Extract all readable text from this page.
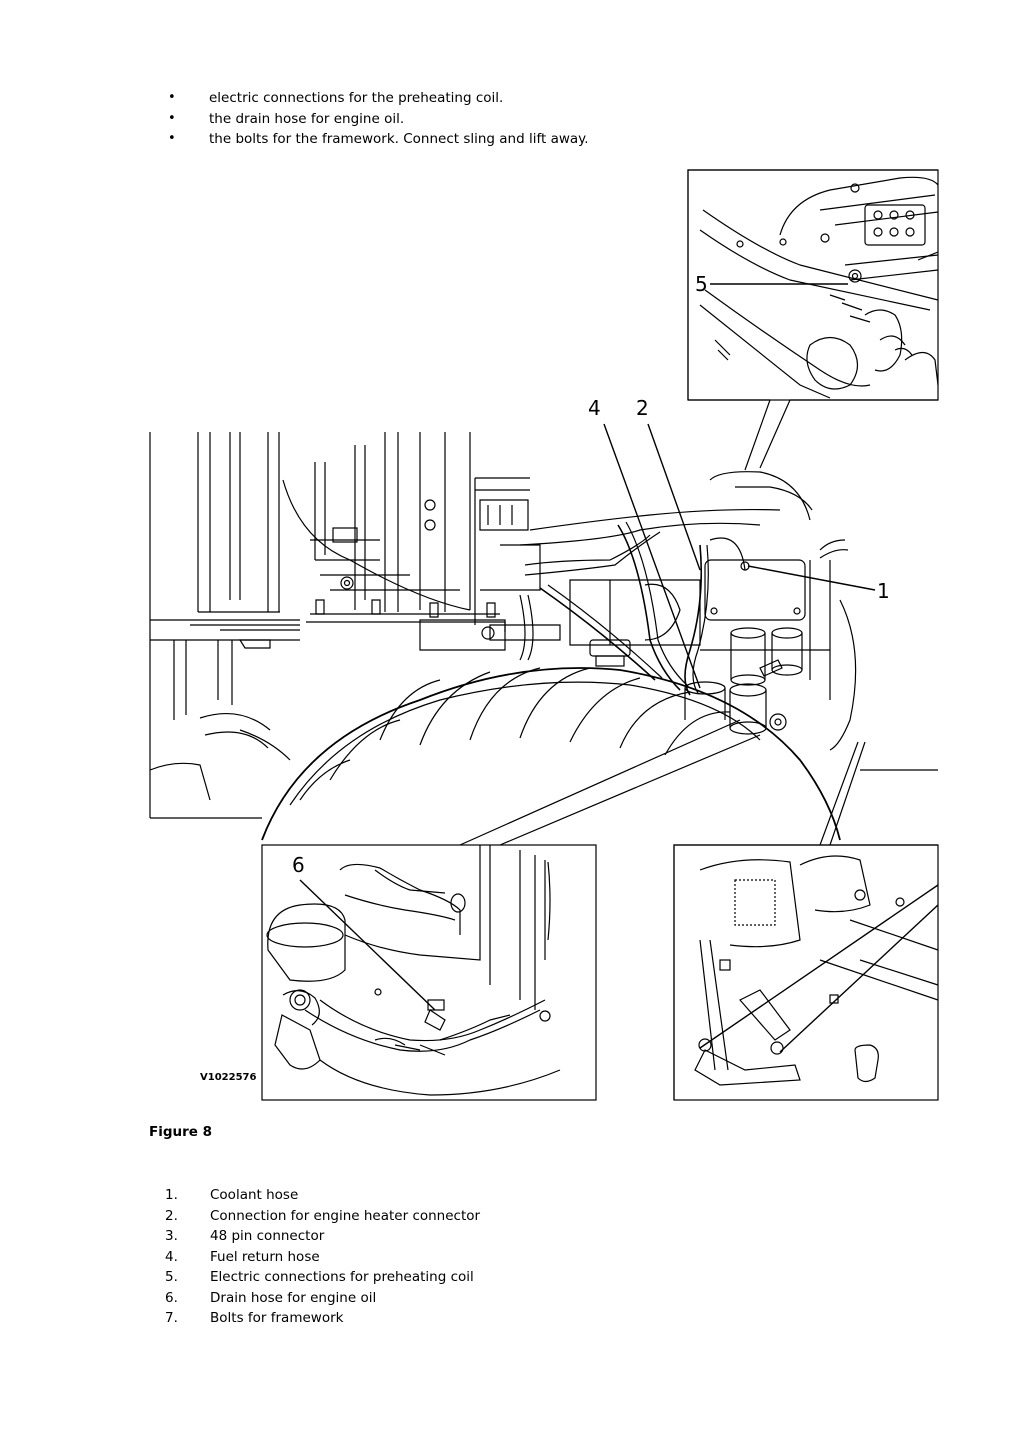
• electric connections for the preheating coil.
• the drain hose for engine oil.
• the bolts for the framework. Connect sling and lift away.
5
6
V1022576
4 2
1
Figure 8
1. Coolant hose
2. Connection for engine heater connector
3. 48 pin connector
4. Fuel return hose
5. Electric connections for preheating coil
6. Drain hose for engine oil
7. Bolts for framework
